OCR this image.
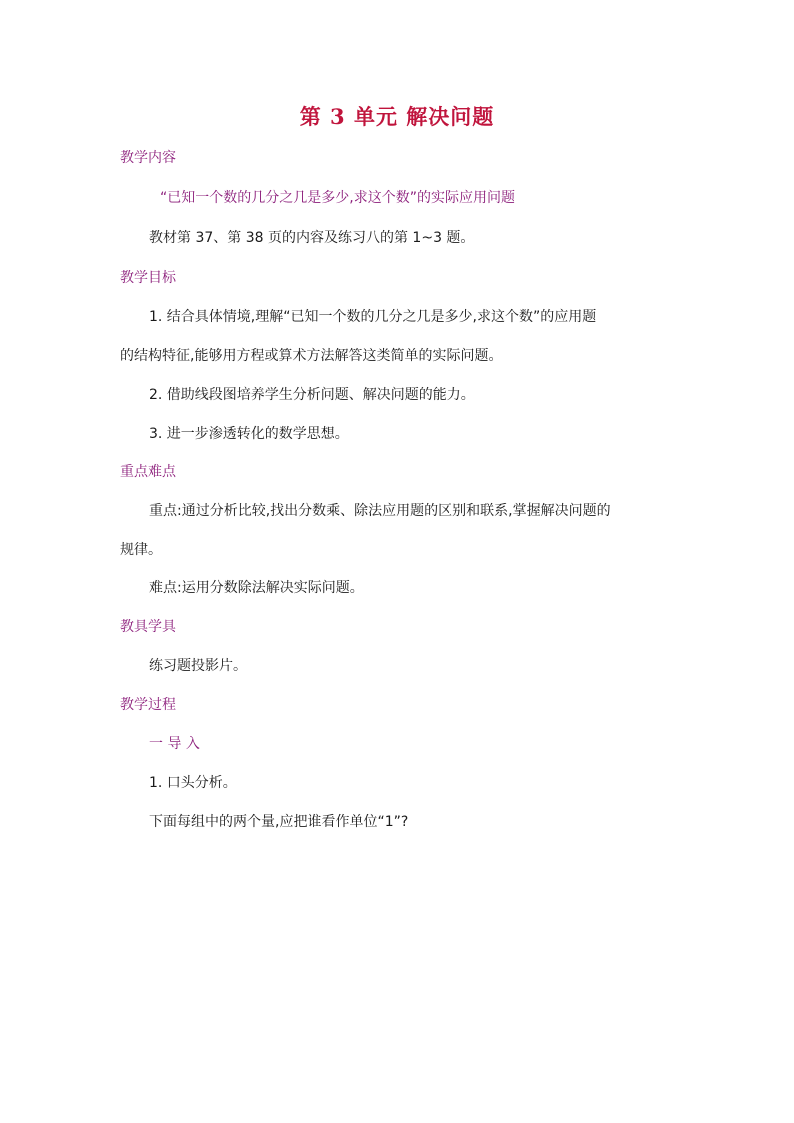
第 3 单元 解决问题
教学内容
“已知一个数的几分之几是多少,求这个数”的实际应用问题
教材第 37、第 38 页的内容及练习八的第 1~3 题。
教学目标
1. 结合具体情境,理解“已知一个数的几分之几是多少,求这个数”的应用题
的结构特征,能够用方程或算术方法解答这类简单的实际问题。
2. 借助线段图培养学生分析问题、解决问题的能力。
3. 进一步渗透转化的数学思想。
重点难点
重点:通过分析比较,找出分数乘、除法应用题的区别和联系,掌握解决问题的
规律。
难点:运用分数除法解决实际问题。
教具学具
练习题投影片。
教学过程
一 导 入
1. 口头分析。
下面每组中的两个量,应把谁看作单位“1”?
